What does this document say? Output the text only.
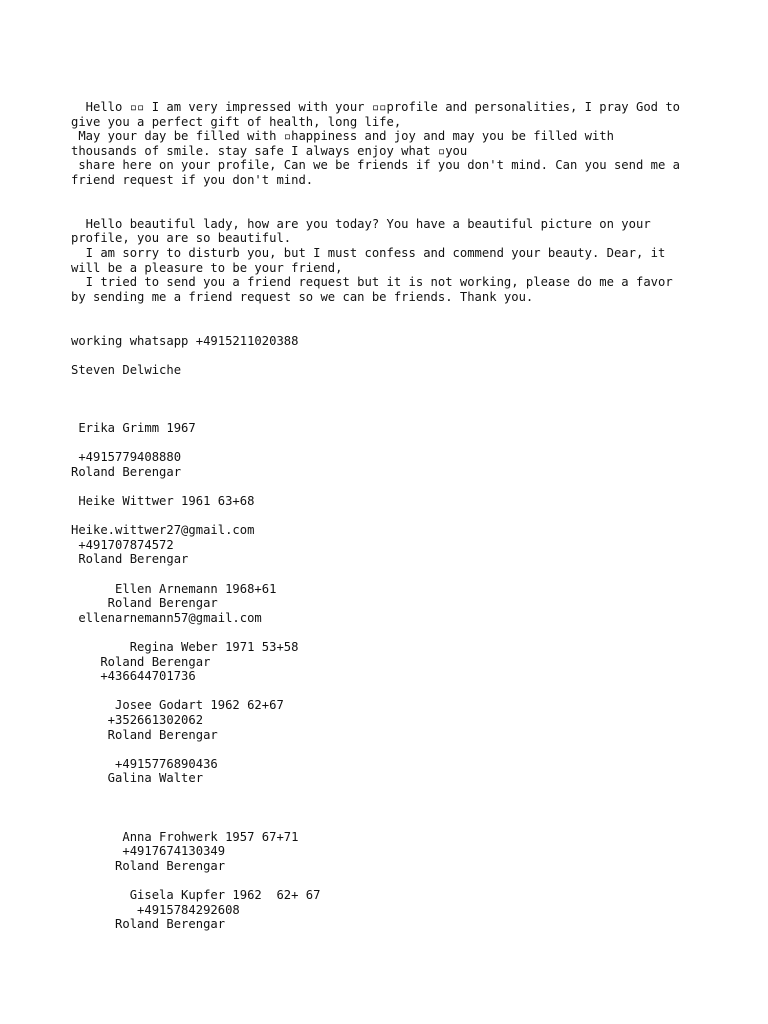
Hello ▫▫ I am very impressed with your ▫▫profile and personalities, I pray God to
give you a perfect gift of health, long life,
May your day be filled with ▫happiness and joy and may you be filled with
thousands of smile. stay safe I always enjoy what ▫you
share here on your profile, Can we be friends if you don't mind. Can you send me a
friend request if you don't mind.
Hello beautiful lady, how are you today? You have a beautiful picture on your
profile, you are so beautiful.
I am sorry to disturb you, but I must confess and commend your beauty. Dear, it
will be a pleasure to be your friend,
I tried to send you a friend request but it is not working, please do me a favor
by sending me a friend request so we can be friends. Thank you.
working whatsapp +4915211020388
Steven Delwiche
Erika Grimm 1967
+4915779408880
Roland Berengar
Heike Wittwer 1961 63+68
Heike.wittwer27@gmail.com
+491707874572
Roland Berengar
Ellen Arnemann 1968+61
Roland Berengar
ellenarnemann57@gmail.com
Regina Weber 1971 53+58
Roland Berengar
+436644701736
Josee Godart 1962 62+67
+352661302062
Roland Berengar
+4915776890436
Galina Walter
Anna Frohwerk 1957 67+71
+4917674130349
Roland Berengar
Gisela Kupfer 1962  62+ 67
+4915784292608
Roland Berengar
